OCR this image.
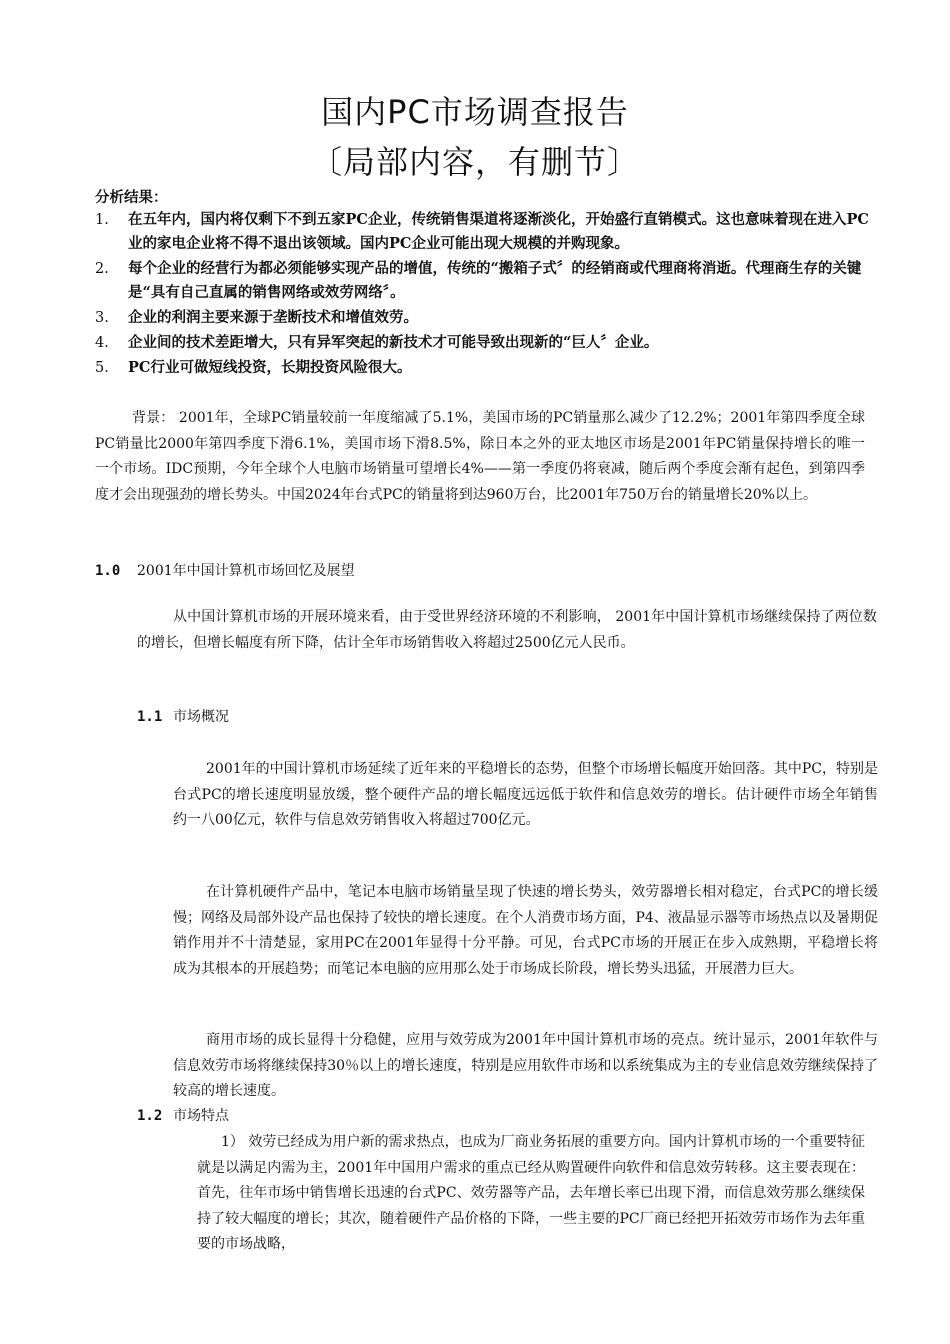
国内PC市场调查报告
〔局部内容，有删节〕
分析结果：
1.	在五年内，国内将仅剩下不到五家PC企业，传统销售渠道将逐渐淡化，开始盛行直销模式。这也意味着现在进入PC业的家电企业将不得不退出该领域。国内PC企业可能出现大规模的并购现象。
2.	每个企业的经营行为都必须能够实现产品的增值，传统的“搬箱子式〞的经销商或代理商将消逝。代理商生存的关键是“具有自己直属的销售网络或效劳网络〞。
3.	企业的利润主要来源于垄断技术和增值效劳。
4.	企业间的技术差距增大，只有异军突起的新技术才可能导致出现新的“巨人〞企业。
5.	PC行业可做短线投资，长期投资风险很大。
背景： 2001年，全球PC销量较前一年度缩减了5.1%，美国市场的PC销量那么减少了12.2%；2001年第四季度全球PC销量比2000年第四季度下滑6.1%，美国市场下滑8.5%，除日本之外的亚太地区市场是2001年PC销量保持增长的唯一一个市场。IDC预期，今年全球个人电脑市场销量可望增长4%——第一季度仍将衰减，随后两个季度会渐有起色，到第四季度才会出现强劲的增长势头。中国2024年台式PC的销量将到达960万台，比2001年750万台的销量增长20%以上。
1.0 2001年中国计算机市场回忆及展望
从中国计算机市场的开展环境来看，由于受世界经济环境的不利影响， 2001年中国计算机市场继续保持了两位数的增长，但增长幅度有所下降，估计全年市场销售收入将超过2500亿元人民币。
1.1 市场概况
2001年的中国计算机市场延续了近年来的平稳增长的态势，但整个市场增长幅度开始回落。其中PC，特别是台式PC的增长速度明显放缓，整个硬件产品的增长幅度远远低于软件和信息效劳的增长。估计硬件市场全年销售约一八00亿元，软件与信息效劳销售收入将超过700亿元。
在计算机硬件产品中，笔记本电脑市场销量呈现了快速的增长势头，效劳器增长相对稳定，台式PC的增长缓慢；网络及局部外设产品也保持了较快的增长速度。在个人消费市场方面，P4、液晶显示器等市场热点以及暑期促销作用并不十清楚显，家用PC在2001年显得十分平静。可见，台式PC市场的开展正在步入成熟期，平稳增长将成为其根本的开展趋势；而笔记本电脑的应用那么处于市场成长阶段，增长势头迅猛，开展潜力巨大。
商用市场的成长显得十分稳健，应用与效劳成为2001年中国计算机市场的亮点。统计显示，2001年软件与信息效劳市场将继续保持30％以上的增长速度，特别是应用软件市场和以系统集成为主的专业信息效劳继续保持了较高的增长速度。
1.2 市场特点
1） 效劳已经成为用户新的需求热点，也成为厂商业务拓展的重要方向。国内计算机市场的一个重要特征就是以满足内需为主，2001年中国用户需求的重点已经从购置硬件向软件和信息效劳转移。这主要表现在：首先，往年市场中销售增长迅速的台式PC、效劳器等产品，去年增长率已出现下滑，而信息效劳那么继续保持了较大幅度的增长；其次，随着硬件产品价格的下降，一些主要的PC厂商已经把开拓效劳市场作为去年重要的市场战略，
